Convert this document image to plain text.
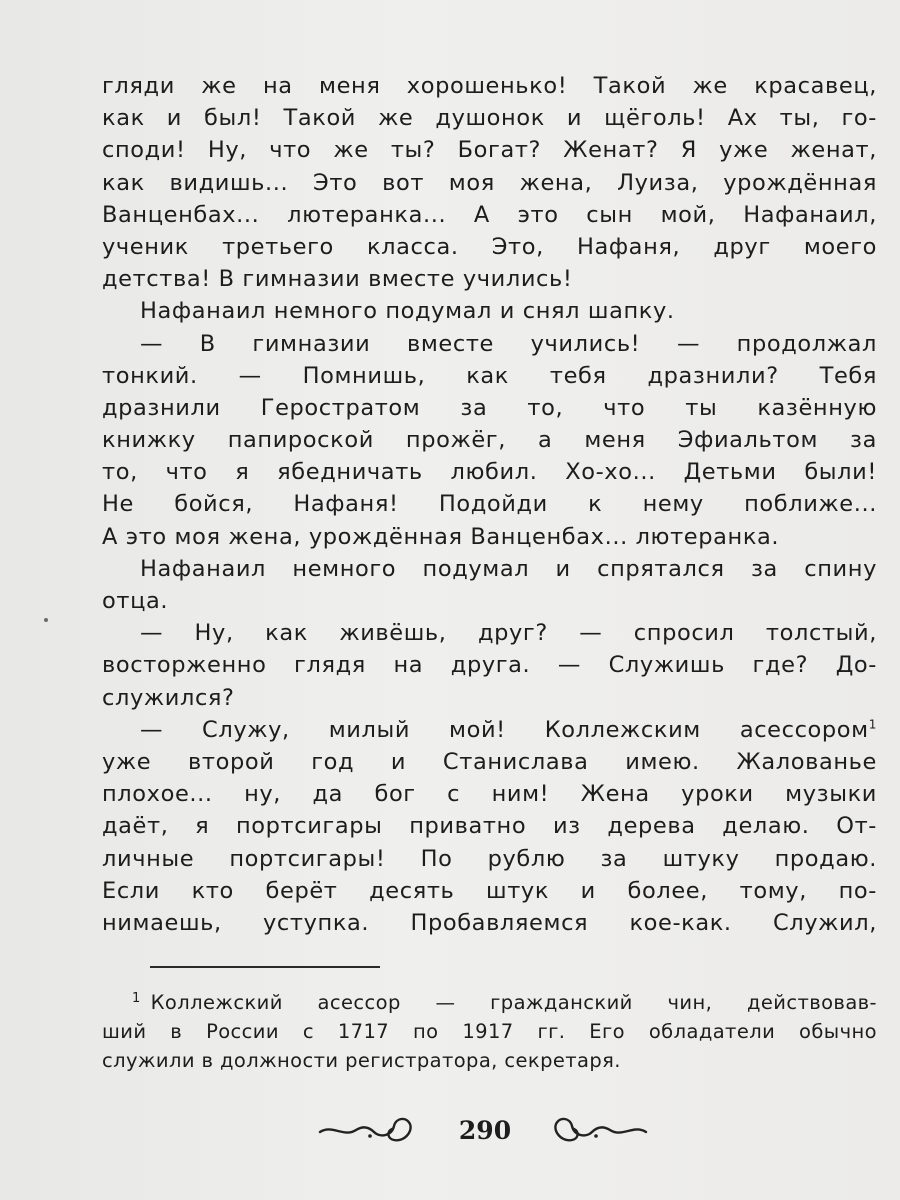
гляди же на меня хорошенько! Такой же красавец,
как и был! Такой же душонок и щёголь! Ах ты, го-
споди! Ну, что же ты? Богат? Женат? Я уже женат,
как видишь... Это вот моя жена, Луиза, урождённая
Ванценбах... лютеранка... А это сын мой, Нафанаил,
ученик третьего класса. Это, Нафаня, друг моего
детства! В гимназии вместе учились!
Нафанаил немного подумал и снял шапку.
— В гимназии вместе учились! — продолжал
тонкий. — Помнишь, как тебя дразнили? Тебя
дразнили Геростратом за то, что ты казённую
книжку папироской прожёг, а меня Эфиальтом за
то, что я ябедничать любил. Хо-хо... Детьми были!
Не бойся, Нафаня! Подойди к нему поближе...
А это моя жена, урождённая Ванценбах... лютеранка.
Нафанаил немного подумал и спрятался за спину
отца.
— Ну, как живёшь, друг? — спросил толстый,
восторженно глядя на друга. — Служишь где? До-
служился?
— Служу, милый мой! Коллежским асессором$^1$
уже второй год и Станислава имею. Жалованье
плохое... ну, да бог с ним! Жена уроки музыки
даёт, я портсигары приватно из дерева делаю. От-
личные портсигары! По рублю за штуку продаю.
Если кто берёт десять штук и более, тому, по-
нимаешь, уступка. Пробавляемся кое-как. Служил,
$^1$ Коллежский асессор — гражданский чин, действовав-
ший в России с 1717 по 1917 гг. Его обладатели обычно
служили в должности регистратора, секретаря.
290
